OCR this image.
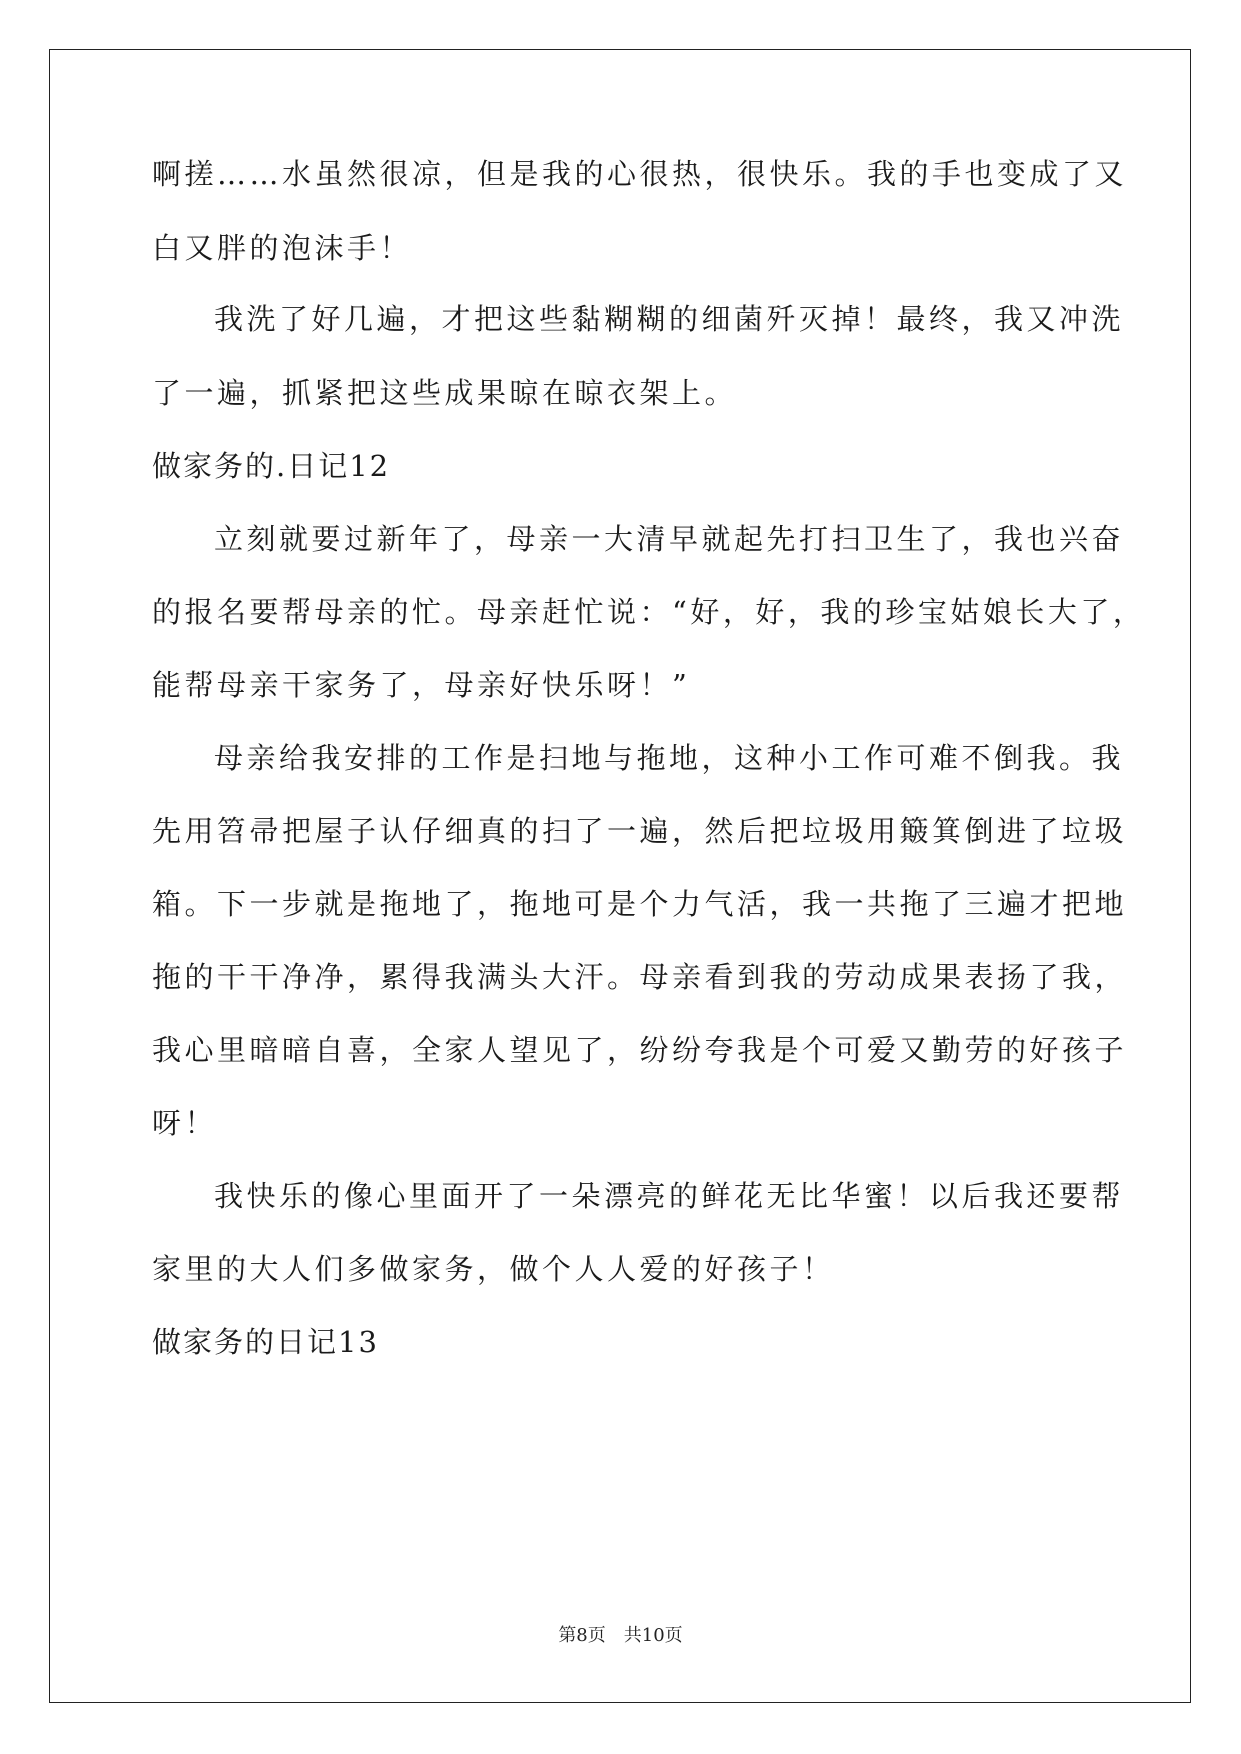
啊搓……水虽然很凉，但是我的心很热，很快乐。我的手也变成了又

白又胖的泡沫手！

我洗了好几遍，才把这些黏糊糊的细菌歼灭掉！最终，我又冲洗

了一遍，抓紧把这些成果晾在晾衣架上。

做家务的.日记12

立刻就要过新年了，母亲一大清早就起先打扫卫生了，我也兴奋

的报名要帮母亲的忙。母亲赶忙说：“好，好，我的珍宝姑娘长大了，

能帮母亲干家务了，母亲好快乐呀！”

母亲给我安排的工作是扫地与拖地，这种小工作可难不倒我。我

先用笤帚把屋子认仔细真的扫了一遍，然后把垃圾用簸箕倒进了垃圾

箱。下一步就是拖地了，拖地可是个力气活，我一共拖了三遍才把地

拖的干干净净，累得我满头大汗。母亲看到我的劳动成果表扬了我，

我心里暗暗自喜，全家人望见了，纷纷夸我是个可爱又勤劳的好孩子

呀！

我快乐的像心里面开了一朵漂亮的鲜花无比华蜜！以后我还要帮

家里的大人们多做家务，做个人人爱的好孩子！

做家务的日记13

第8页　共10页
